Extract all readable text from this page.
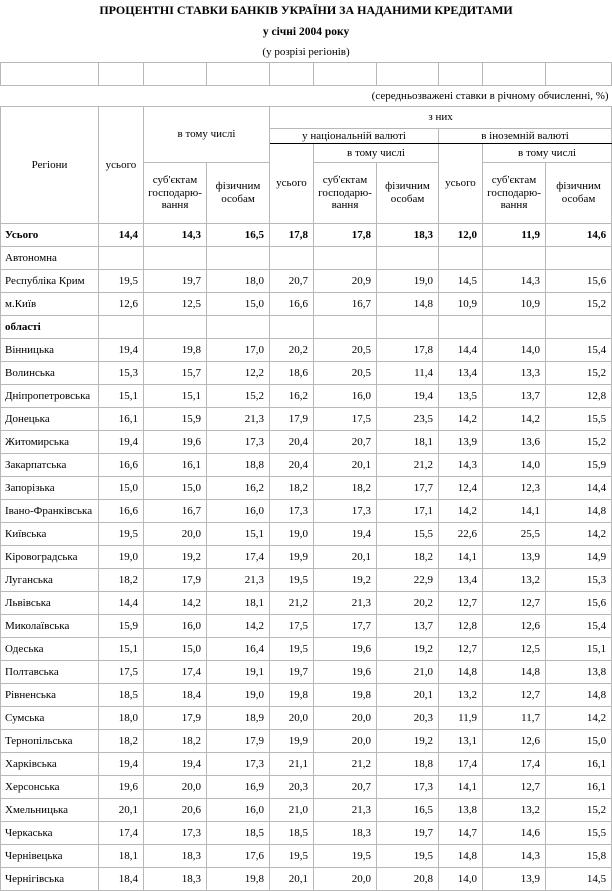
ПРОЦЕНТНІ СТАВКИ БАНКІВ УКРАЇНИ ЗА НАДАНИМИ КРЕДИТАМИ									
у січні 2004 року									
(у розрізі регіонів)									

(середньозважені ставки в річному обчисленні, %)									
Регіони	усього	в тому числі		з них					
				у національній валюті			в іноземній валюті		
				усього	в тому числі		усього	в тому числі	
		суб'єктам господарю-вання	фізичним особам		суб'єктам господарю-вання	фізичним особам		суб'єктам господарю-вання	фізичним особам

Усього	14,4	14,3	16,5	17,8	17,8	18,3	12,0	11,9	14,6
Автономна									
Республіка Крим	19,5	19,7	18,0	20,7	20,9	19,0	14,5	14,3	15,6
м.Київ	12,6	12,5	15,0	16,6	16,7	14,8	10,9	10,9	15,2
області									
Вінницька	19,4	19,8	17,0	20,2	20,5	17,8	14,4	14,0	15,4
Волинська	15,3	15,7	12,2	18,6	20,5	11,4	13,4	13,3	15,2
Дніпропетровська	15,1	15,1	15,2	16,2	16,0	19,4	13,5	13,7	12,8
Донецька	16,1	15,9	21,3	17,9	17,5	23,5	14,2	14,2	15,5
Житомирська	19,4	19,6	17,3	20,4	20,7	18,1	13,9	13,6	15,2
Закарпатська	16,6	16,1	18,8	20,4	20,1	21,2	14,3	14,0	15,9
Запорізька	15,0	15,0	16,2	18,2	18,2	17,7	12,4	12,3	14,4
Івано-Франківська	16,6	16,7	16,0	17,3	17,3	17,1	14,2	14,1	14,8
Київська	19,5	20,0	15,1	19,0	19,4	15,5	22,6	25,5	14,2
Кіровоградська	19,0	19,2	17,4	19,9	20,1	18,2	14,1	13,9	14,9
Луганська	18,2	17,9	21,3	19,5	19,2	22,9	13,4	13,2	15,3
Львівська	14,4	14,2	18,1	21,2	21,3	20,2	12,7	12,7	15,6
Миколаївська	15,9	16,0	14,2	17,5	17,7	13,7	12,8	12,6	15,4
Одеська	15,1	15,0	16,4	19,5	19,6	19,2	12,7	12,5	15,1
Полтавська	17,5	17,4	19,1	19,7	19,6	21,0	14,8	14,8	13,8
Рівненська	18,5	18,4	19,0	19,8	19,8	20,1	13,2	12,7	14,8
Сумська	18,0	17,9	18,9	20,0	20,0	20,3	11,9	11,7	14,2
Тернопільська	18,2	18,2	17,9	19,9	20,0	19,2	13,1	12,6	15,0
Харківська	19,4	19,4	17,3	21,1	21,2	18,8	17,4	17,4	16,1
Херсонська	19,6	20,0	16,9	20,3	20,7	17,3	14,1	12,7	16,1
Хмельницька	20,1	20,6	16,0	21,0	21,3	16,5	13,8	13,2	15,2
Черкаська	17,4	17,3	18,5	18,5	18,3	19,7	14,7	14,6	15,5
Чернівецька	18,1	18,3	17,6	19,5	19,5	19,5	14,8	14,3	15,8
Чернігівська	18,4	18,3	19,8	20,1	20,0	20,8	14,0	13,9	14,5
